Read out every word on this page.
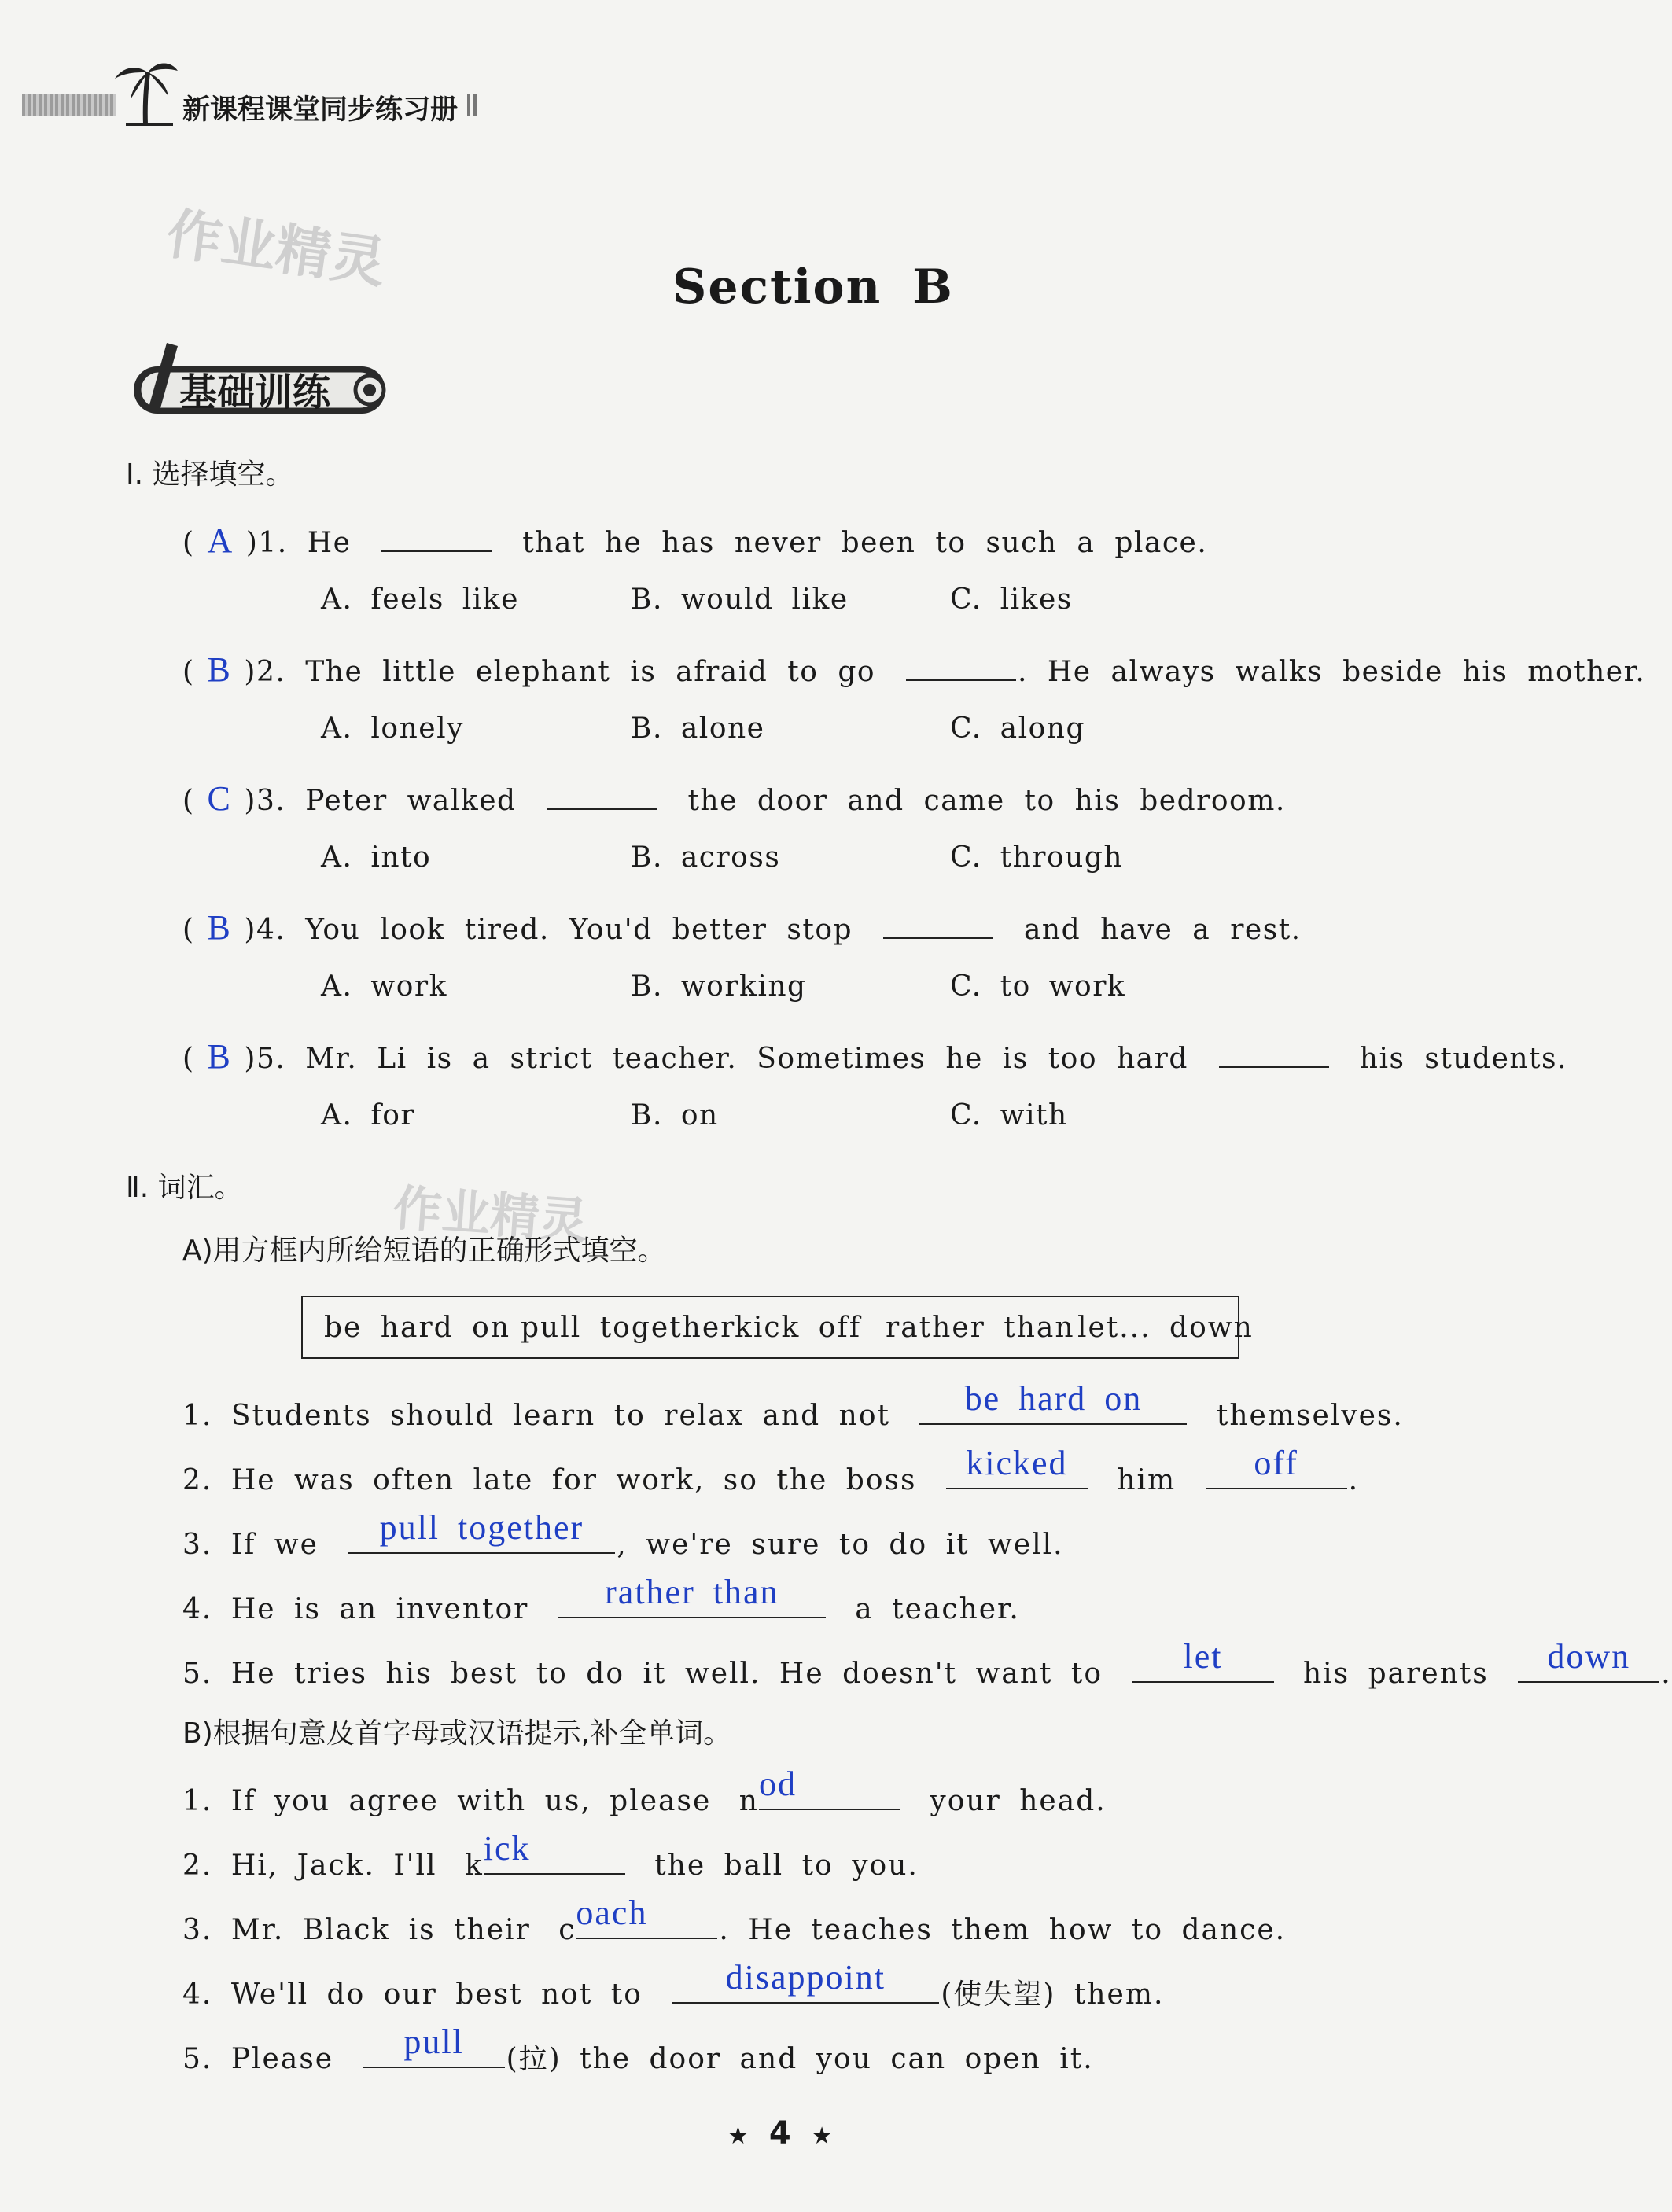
新课程课堂同步练习册
作业精灵	Section B
基础训练
Ⅰ. 选择填空。
( A )1. He	that he has never been to such a place.
A. feels like	B. would like	C. likes
( B )2. The little elephant is afraid to go	. He always walks beside his mother.
A. lonely	B. alone	C. along
( C )3. Peter walked	the door and came to his bedroom.
A. into	B. across	C. through
( B )4. You look tired. You'd better stop	and have a rest.
A. work	B. working	C. to work
( B )5. Mr. Li is a strict teacher. Sometimes he is too hard	his students.
A. for	B. on	C. with
Ⅱ. 词汇。	作业精灵
A)用方框内所给短语的正确形式填空。
be hard on pull together
kick off rather than let... down
1. Students should learn to relax and not	be hard on	themselves.
2. He was often late for work, so the boss	kicked	him	off	.
3. If we	pull together	, we're sure to do it well.
4. He is an inventor	rather than	a teacher.
5. He tries his best to do it well. He doesn't want to	let	his parents	down	.
B)根据句意及首字母或汉语提示,补全单词。
1. If you agree with us, please n od	your head.
2. Hi, Jack. I'll k ick	the ball to you.
3. Mr. Black is their c oach	. He teaches them how to dance.
4. We'll do our best not to	disappoint	(使失望) them.
5. Please	pull	(拉) the door and you can open it.
★ 4 ★
